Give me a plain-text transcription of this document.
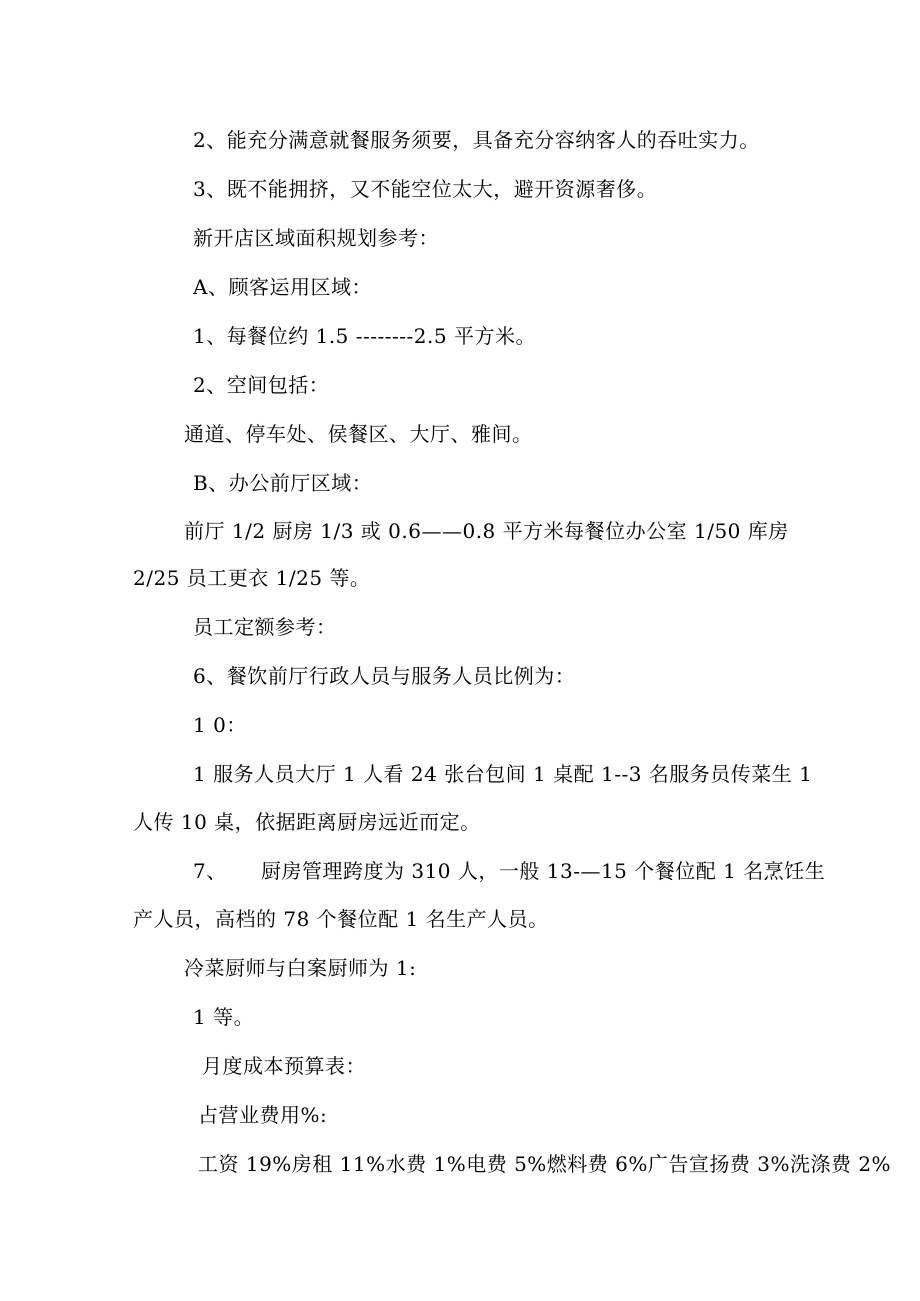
2、能充分满意就餐服务须要，具备充分容纳客人的吞吐实力。
3、既不能拥挤，又不能空位太大，避开资源奢侈。
新开店区域面积规划参考：
A、顾客运用区域：
1、每餐位约 1.5 --------2.5 平方米。
2、空间包括：
通道、停车处、侯餐区、大厅、雅间。
B、办公前厅区域：
前厅 1/2 厨房 1/3 或 0.6——0.8 平方米每餐位办公室 1/50 库房
2/25 员工更衣 1/25 等。
员工定额参考：
6、餐饮前厅行政人员与服务人员比例为：
1 0：
1 服务人员大厅 1 人看 24 张台包间 1 桌配 1--3 名服务员传菜生 1
人传 10 桌，依据距离厨房远近而定。
7、 厨房管理跨度为 310 人，一般 13-—15 个餐位配 1 名烹饪生
产人员，高档的 78 个餐位配 1 名生产人员。
冷菜厨师与白案厨师为 1:
1 等。
月度成本预算表：
占营业费用%:
工资 19%房租 11%水费 1%电费 5%燃料费 6%广告宣扬费 3%洗涤费 2%
